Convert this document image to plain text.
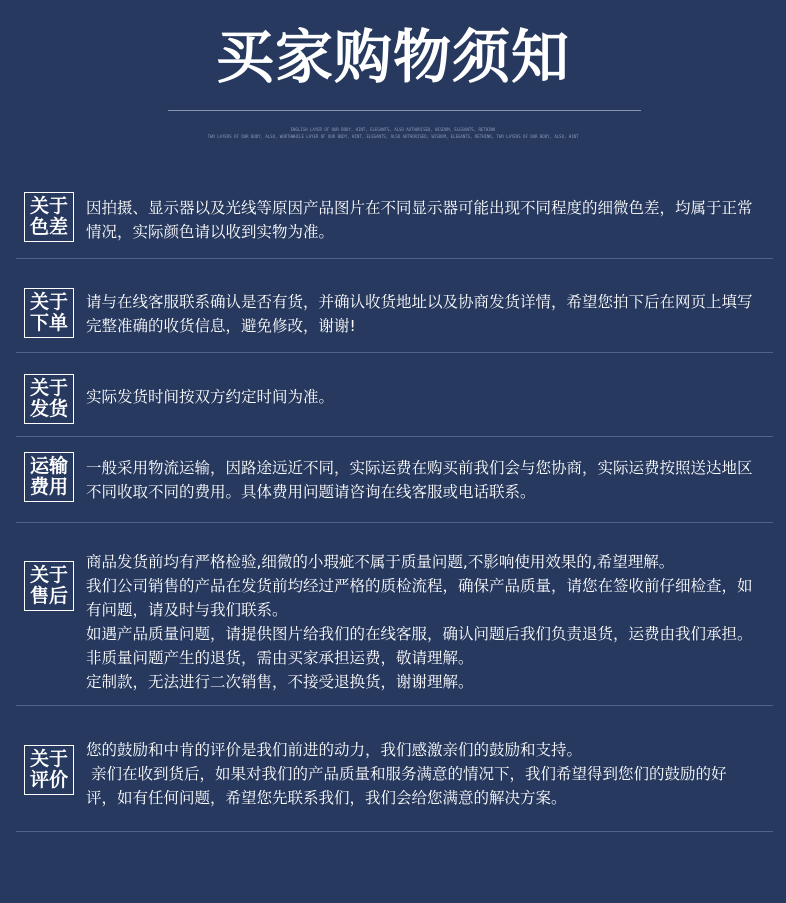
买家购物须知
ENGLISH LAYER OF OUR BODY, HINT, ELEGANTS, ALSO AUTHORISED, WISDOM, ELEGANTS, RETHINK
TWO LAYERS OF OUR BODY, ALSO, WORTHWHILE LAYER OF OUR BODY, HINT, ELEGANTS, ALSO AUTHORISED, WISDOM, ELEGANTS, RETHINK, TWO LAYERS OF OUR BODY, ALSO, HINT
关于
色差

因拍摄、显示器以及光线等原因产品图片在不同显示器可能出现不同程度的细微色差，均属于正常情况，实际颜色请以收到实物为准。

关于
下单

请与在线客服联系确认是否有货，并确认收货地址以及协商发货详情，希望您拍下后在网页上填写完整准确的收货信息，避免修改，谢谢!

关于
发货

实际发货时间按双方约定时间为准。

运输
费用

一般采用物流运输，因路途远近不同，实际运费在购买前我们会与您协商，实际运费按照送达地区不同收取不同的费用。具体费用问题请咨询在线客服或电话联系。

关于
售后

商品发货前均有严格检验,细微的小瑕疵不属于质量问题,不影响使用效果的,希望理解。

我们公司销售的产品在发货前均经过严格的质检流程，确保产品质量，请您在签收前仔细检查，如有问题，请及时与我们联系。

如遇产品质量问题，请提供图片给我们的在线客服，确认问题后我们负责退货，运费由我们承担。非质量问题产生的退货，需由买家承担运费，敬请理解。

定制款，无法进行二次销售，不接受退换货，谢谢理解。

关于
评价

您的鼓励和中肯的评价是我们前进的动力，我们感激亲们的鼓励和支持。

亲们在收到货后，如果对我们的产品质量和服务满意的情况下，我们希望得到您们的鼓励的好评，如有任何问题，希望您先联系我们，我们会给您满意的解决方案。
